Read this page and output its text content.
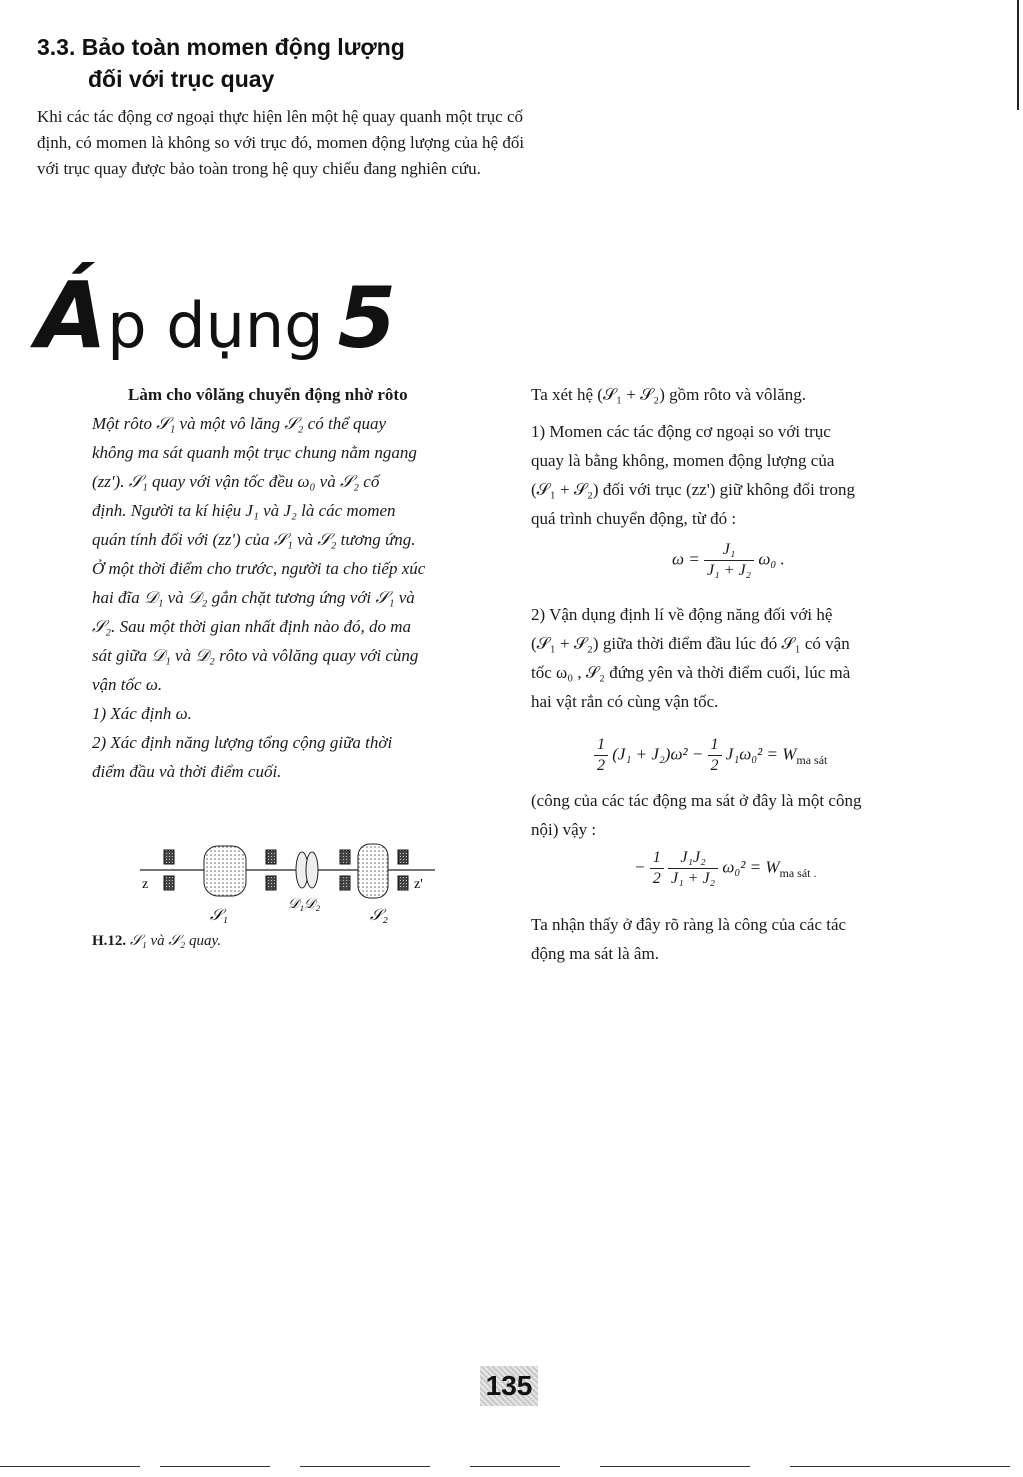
3.3. Bảo toàn momen động lượng
đối với trục quay
Khi các tác động cơ ngoại thực hiện lên một hệ quay quanh một trục cố
định, có momen là không so với trục đó, momen động lượng của hệ đối
với trục quay được bảo toàn trong hệ quy chiếu đang nghiên cứu.
Áp dụng 5
Làm cho vôlăng chuyển động nhờ rôto
Một rôto 𝒮₁ và một vô lăng 𝒮₂ có thể quay
không ma sát quanh một trục chung nằm ngang
(zz'). 𝒮₁ quay với vận tốc đều ω₀ và 𝒮₂ cố
định. Người ta kí hiệu J₁ và J₂ là các momen
quán tính đối với (zz') của 𝒮₁ và 𝒮₂ tương ứng.
Ở một thời điểm cho trước, người ta cho tiếp xúc
hai đĩa 𝒟₁ và 𝒟₂ gắn chặt tương ứng với 𝒮₁ và
𝒮₂. Sau một thời gian nhất định nào đó, do ma
sát giữa 𝒟₁ và 𝒟₂ rôto và vôlăng quay với cùng
vận tốc ω.
1) Xác định ω.
2) Xác định năng lượng tổng cộng giữa thời
điểm đầu và thời điểm cuối.
z	z'
𝒮₁
𝒟₁𝒟₂
𝒮₂
H.12. 𝒮₁ và 𝒮₂ quay.
Ta xét hệ (𝒮₁ + 𝒮₂) gồm rôto và vôlăng.
1) Momen các tác động cơ ngoại so với trục
quay là bằng không, momen động lượng của
(𝒮₁ + 𝒮₂) đối với trục (zz') giữ không đổi trong
quá trình chuyển động, từ đó :
$\omega = \frac{\text{J₁}}{\text{J₁ + J₂}} \omega_0$ .
2) Vận dụng định lí về động năng đối với hệ
(𝒮₁ + 𝒮₂) giữa thời điểm đầu lúc đó 𝒮₁ có vận
tốc ω₀ , 𝒮₂ đứng yên và thời điểm cuối, lúc mà
hai vật rắn có cùng vận tốc.
$\frac{1}{2} (J_1 + J_2)\omega^2 - \frac{1}{2} J_1\omega_0^2 = W_{ma sát}$
(công của các tác động ma sát ở đây là một công
nội) vậy :
− $\frac{1}{2}$
$\frac{\text{J₁J₂}}{\text{J₁ + J₂}} \omega_0^2 = W_{ma sát .}$
Ta nhận thấy ở đây rõ ràng là công của các tác
động ma sát là âm.
135
